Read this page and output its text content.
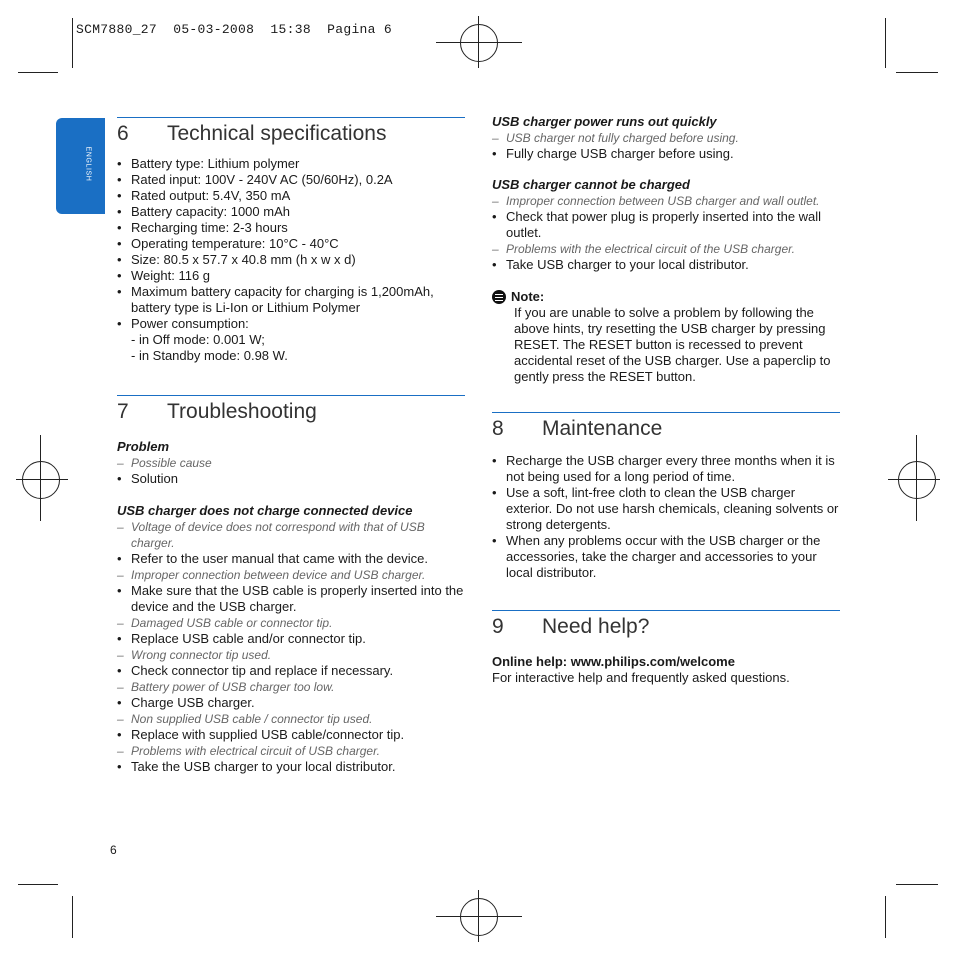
SCM7880_27  05-03-2008  15:38  Pagina 6
ENGLISH
6	Technical specifications
• Battery type: Lithium polymer
• Rated input: 100V - 240V AC (50/60Hz), 0.2A
• Rated output: 5.4V, 350 mA
• Battery capacity: 1000 mAh
• Recharging time: 2-3 hours
• Operating temperature: 10°C - 40°C
• Size: 80.5 x 57.7 x 40.8 mm (h x w x d)
• Weight: 116 g
• Maximum battery capacity for charging is 1,200mAh, battery type is Li-Ion or Lithium Polymer
• Power consumption:
- in Off mode: 0.001 W;
- in Standby mode: 0.98 W.
7	Troubleshooting
Problem
– Possible cause
• Solution
USB charger does not charge connected device
– Voltage of device does not correspond with that of USB charger.
• Refer to the user manual that came with the device.
– Improper connection between device and USB charger.
• Make sure that the USB cable is properly inserted into the device and the USB charger.
– Damaged USB cable or connector tip.
• Replace USB cable and/or connector tip.
– Wrong connector tip used.
• Check connector tip and replace if necessary.
– Battery power of USB charger too low.
• Charge USB charger.
– Non supplied USB cable / connector tip used.
• Replace with supplied USB cable/connector tip.
– Problems with electrical circuit of USB charger.
• Take the USB charger to your local distributor.
USB charger power runs out quickly
– USB charger not fully charged before using.
• Fully charge USB charger before using.
USB charger cannot be charged
– Improper connection between USB charger and wall outlet.
• Check that power plug is properly inserted into the wall outlet.
– Problems with the electrical circuit of the USB charger.
• Take USB charger to your local distributor.
Note:
If you are unable to solve a problem by following the above hints, try resetting the USB charger by pressing RESET. The RESET button is recessed to prevent accidental reset of the USB charger. Use a paperclip to gently press the RESET button.
8	Maintenance
• Recharge the USB charger every three months when it is not being used for a long period of time.
• Use a soft, lint-free cloth to clean the USB charger exterior. Do not use harsh chemicals, cleaning solvents or strong detergents.
• When any problems occur with the USB charger or the accessories, take the charger and accessories to your local distributor.
9	Need help?
Online help: www.philips.com/welcome
For interactive help and frequently asked questions.
6
